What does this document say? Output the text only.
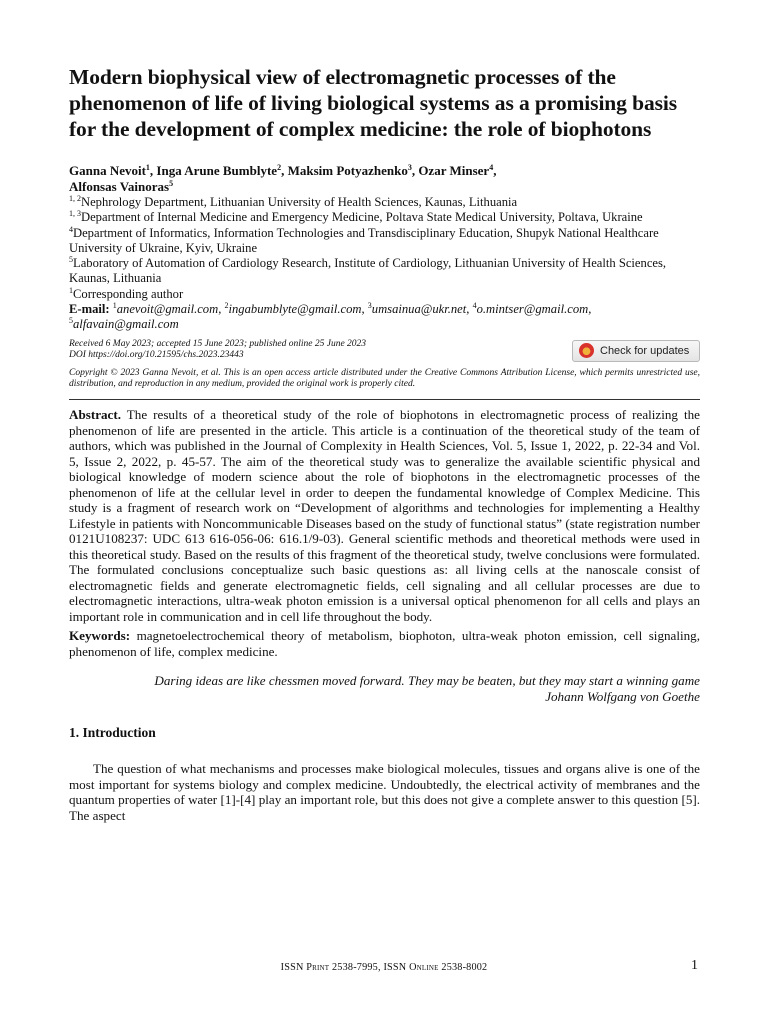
Modern biophysical view of electromagnetic processes of the phenomenon of life of living biological systems as a promising basis for the development of complex medicine: the role of biophotons
Ganna Nevoit$^1$, Inga Arune Bumblyte$^2$, Maksim Potyazhenko$^3$, Ozar Minser$^4$,
Alfonsas Vainoras$^5$
$^{1, 2}$Nephrology Department, Lithuanian University of Health Sciences, Kaunas, Lithuania
$^{1, 3}$Department of Internal Medicine and Emergency Medicine, Poltava State Medical University, Poltava, Ukraine
$^4$Department of Informatics, Information Technologies and Transdisciplinary Education, Shupyk National Healthcare University of Ukraine, Kyiv, Ukraine
$^5$Laboratory of Automation of Cardiology Research, Institute of Cardiology, Lithuanian University of Health Sciences, Kaunas, Lithuania
$^1$Corresponding author
E-mail: $^1$anevoit@gmail.com, $^2$ingabumblyte@gmail.com, $^3$umsainua@ukr.net, $^4$o.mintser@gmail.com,
$^5$alfavain@gmail.com
Received 6 May 2023; accepted 15 June 2023; published online 25 June 2023
DOI https://doi.org/10.21595/chs.2023.23443	Check for updates
Copyright © 2023 Ganna Nevoit, et al. This is an open access article distributed under the Creative Commons Attribution License, which permits unrestricted use, distribution, and reproduction in any medium, provided the original work is properly cited.
Abstract. The results of a theoretical study of the role of biophotons in electromagnetic process of realizing the phenomenon of life are presented in the article. This article is a continuation of the theoretical study of the team of authors, which was published in the Journal of Complexity in Health Sciences, Vol. 5, Issue 1, 2022, p. 22-34 and Vol. 5, Issue 2, 2022, p. 45-57. The aim of the theoretical study was to generalize the available scientific physical and biological knowledge of modern science about the role of biophotons in the electromagnetic processes of the phenomenon of life at the cellular level in order to deepen the fundamental knowledge of Complex Medicine. This study is a fragment of research work on “Development of algorithms and technologies for implementing a Healthy Lifestyle in patients with Noncommunicable Diseases based on the study of functional status” (state registration number 0121U108237: UDC 613 616-056-06: 616.1/9-03). General scientific methods and theoretical methods were used in this theoretical study. Based on the results of this fragment of the theoretical study, twelve conclusions were formulated. The formulated conclusions conceptualize such basic questions as: all living cells at the nanoscale consist of electromagnetic fields and generate electromagnetic fields, cell signaling and all cellular processes are due to electromagnetic interactions, ultra-weak photon emission is a universal optical phenomenon for all cells and plays an important role in communication and in cell life throughout the body.
Keywords: magnetoelectrochemical theory of metabolism, biophoton, ultra-weak photon emission, cell signaling, phenomenon of life, complex medicine.
Daring ideas are like chessmen moved forward. They may be beaten, but they may start a winning game
Johann Wolfgang von Goethe
1. Introduction
The question of what mechanisms and processes make biological molecules, tissues and organs alive is one of the most important for systems biology and complex medicine. Undoubtedly, the electrical activity of membranes and the quantum properties of water [1]-[4] play an important role, but this does not give a complete answer to this question [5]. The aspect
ISSN Print 2538-7995, ISSN Online 2538-8002	1
